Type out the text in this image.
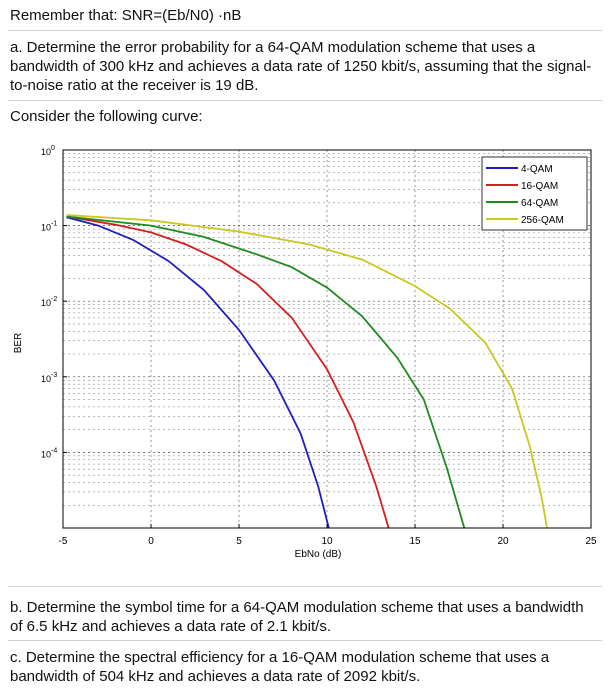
Remember that: SNR=(Eb/N0) ·nB
a. Determine the error probability for a 64-QAM modulation scheme that uses a bandwidth of 300 kHz and achieves a data rate of 1250 kbit/s, assuming that the signal-to-noise ratio at the receiver is 19 dB.
Consider the following curve:
-5	0	5	10	15	20	25
$10^0$
$10^{-1}$
$10^{-2}$
$10^{-3}$
$10^{-4}$
BER
EbNo (dB)
4-QAM
16-QAM
64-QAM
256-QAM
b. Determine the symbol time for a 64-QAM modulation scheme that uses a bandwidth of 6.5 kHz and achieves a data rate of 2.1 kbit/s.
c. Determine the spectral efficiency for a 16-QAM modulation scheme that uses a bandwidth of 504 kHz and achieves a data rate of 2092 kbit/s.
